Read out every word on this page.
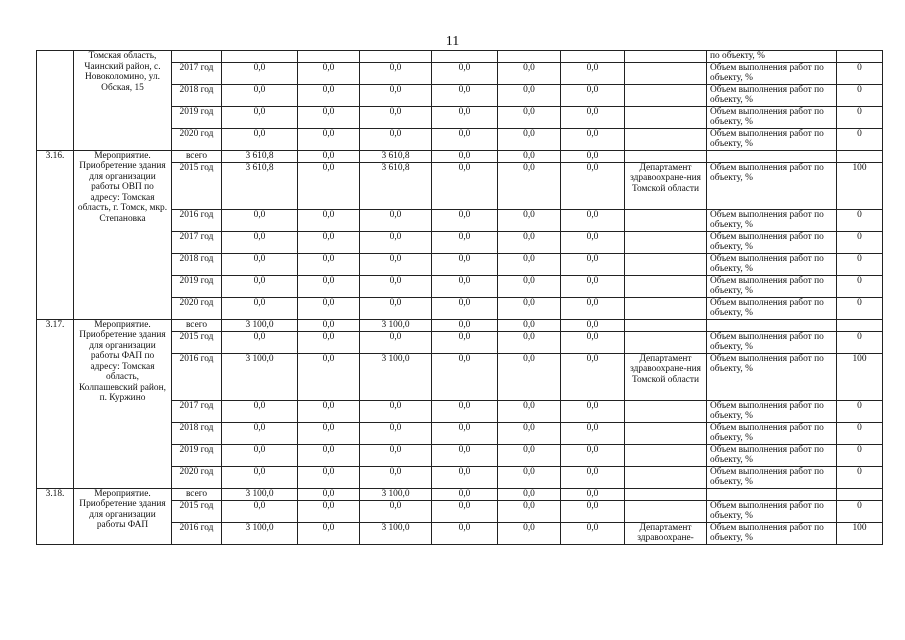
11
	Томская область, Чаинский район, с. Новоколомино, ул. Обская, 15									по объекту, %	
		2017 год	0,0	0,0	0,0	0,0	0,0	0,0		Объем выполнения работ по объекту, %	0
		2018 год	0,0	0,0	0,0	0,0	0,0	0,0		Объем выполнения работ по объекту, %	0
		2019 год	0,0	0,0	0,0	0,0	0,0	0,0		Объем выполнения работ по объекту, %	0
		2020 год	0,0	0,0	0,0	0,0	0,0	0,0		Объем выполнения работ по объекту, %	0
3.16.	Мероприятие. Приобретение здания для организации работы ОВП по адресу: Томская область, г. Томск, мкр. Степановка	всего	3 610,8	0,0	3 610,8	0,0	0,0	0,0			
		2015 год	3 610,8	0,0	3 610,8	0,0	0,0	0,0	Департамент здравоохране-ния Томской области	Объем выполнения работ по объекту, %	100
		2016 год	0,0	0,0	0,0	0,0	0,0	0,0		Объем выполнения работ по объекту, %	0
		2017 год	0,0	0,0	0,0	0,0	0,0	0,0		Объем выполнения работ по объекту, %	0
		2018 год	0,0	0,0	0,0	0,0	0,0	0,0		Объем выполнения работ по объекту, %	0
		2019 год	0,0	0,0	0,0	0,0	0,0	0,0		Объем выполнения работ по объекту, %	0
		2020 год	0,0	0,0	0,0	0,0	0,0	0,0		Объем выполнения работ по объекту, %	0
3.17.	Мероприятие. Приобретение здания для организации работы ФАП по адресу: Томская область, Колпашевский район, п. Куржино	всего	3 100,0	0,0	3 100,0	0,0	0,0	0,0			
		2015 год	0,0	0,0	0,0	0,0	0,0	0,0		Объем выполнения работ по объекту, %	0
		2016 год	3 100,0	0,0	3 100,0	0,0	0,0	0,0	Департамент здравоохране-ния Томской области	Объем выполнения работ по объекту, %	100
		2017 год	0,0	0,0	0,0	0,0	0,0	0,0		Объем выполнения работ по объекту, %	0
		2018 год	0,0	0,0	0,0	0,0	0,0	0,0		Объем выполнения работ по объекту, %	0
		2019 год	0,0	0,0	0,0	0,0	0,0	0,0		Объем выполнения работ по объекту, %	0
		2020 год	0,0	0,0	0,0	0,0	0,0	0,0		Объем выполнения работ по объекту, %	0
3.18.	Мероприятие. Приобретение здания для организации работы ФАП	всего	3 100,0	0,0	3 100,0	0,0	0,0	0,0			
		2015 год	0,0	0,0	0,0	0,0	0,0	0,0		Объем выполнения работ по объекту, %	0
		2016 год	3 100,0	0,0	3 100,0	0,0	0,0	0,0	Департамент здравоохране-	Объем выполнения работ по объекту, %	100
